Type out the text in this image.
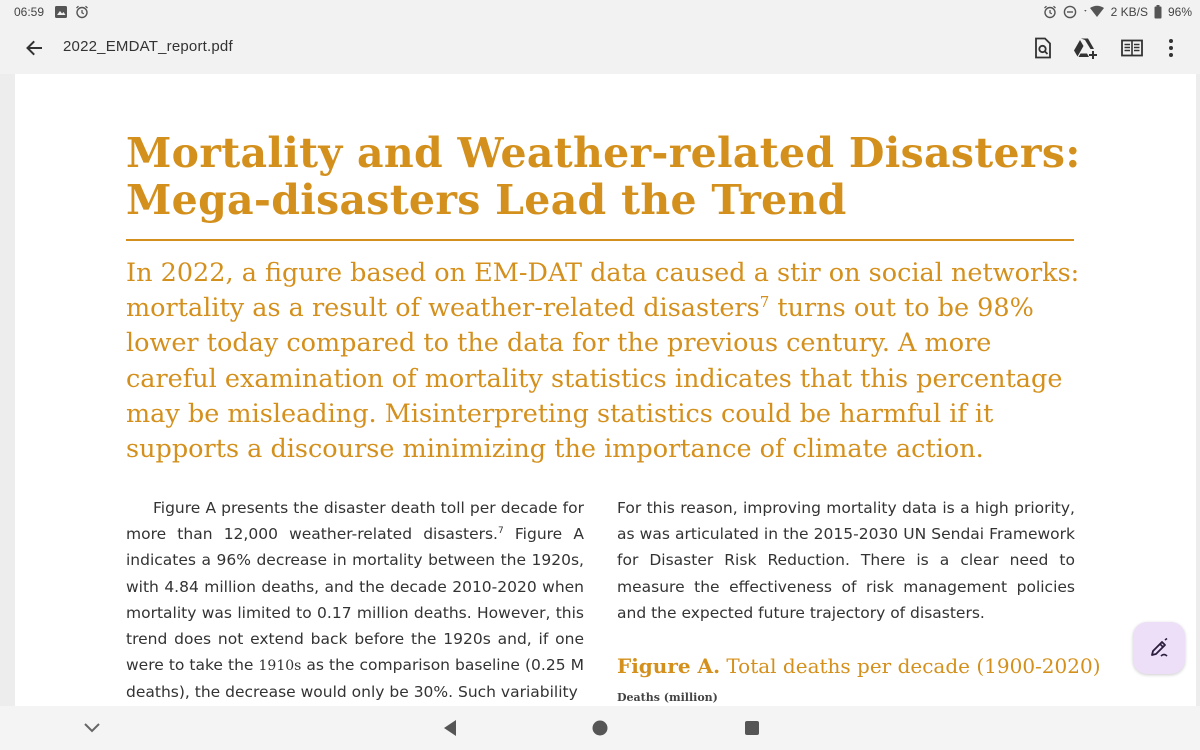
06:59	2 KB/S 96%
2022_EMDAT_report.pdf
Mortality and Weather-related Disasters:
Mega-disasters Lead the Trend

In 2022, a figure based on EM-DAT data caused a stir on social networks: mortality as a result of weather-related disasters$^7$ turns out to be 98% lower today compared to the data for the previous century. A more careful examination of mortality statistics indicates that this percentage may be misleading. Misinterpreting statistics could be harmful if it supports a discourse minimizing the importance of climate action.

Figure A presents the disaster death toll per decade for more than 12,000 weather-related disasters.$^7$ Figure A indicates a 96% decrease in mortality between the 1920s, with 4.84 million deaths, and the decade 2010-2020 when mortality was limited to 0.17 million deaths. However, this trend does not extend back before the 1920s and, if one were to take the 1910s as the comparison baseline (0.25 M deaths), the decrease would only be 30%. Such variability

For this reason, improving mortality data is a high priority, as was articulated in the 2015-2030 UN Sendai Framework for Disaster Risk Reduction. There is a clear need to measure the effectiveness of risk management policies and the expected future trajectory of disasters.

Figure A. Total deaths per decade (1900-2020)
Deaths (million)
